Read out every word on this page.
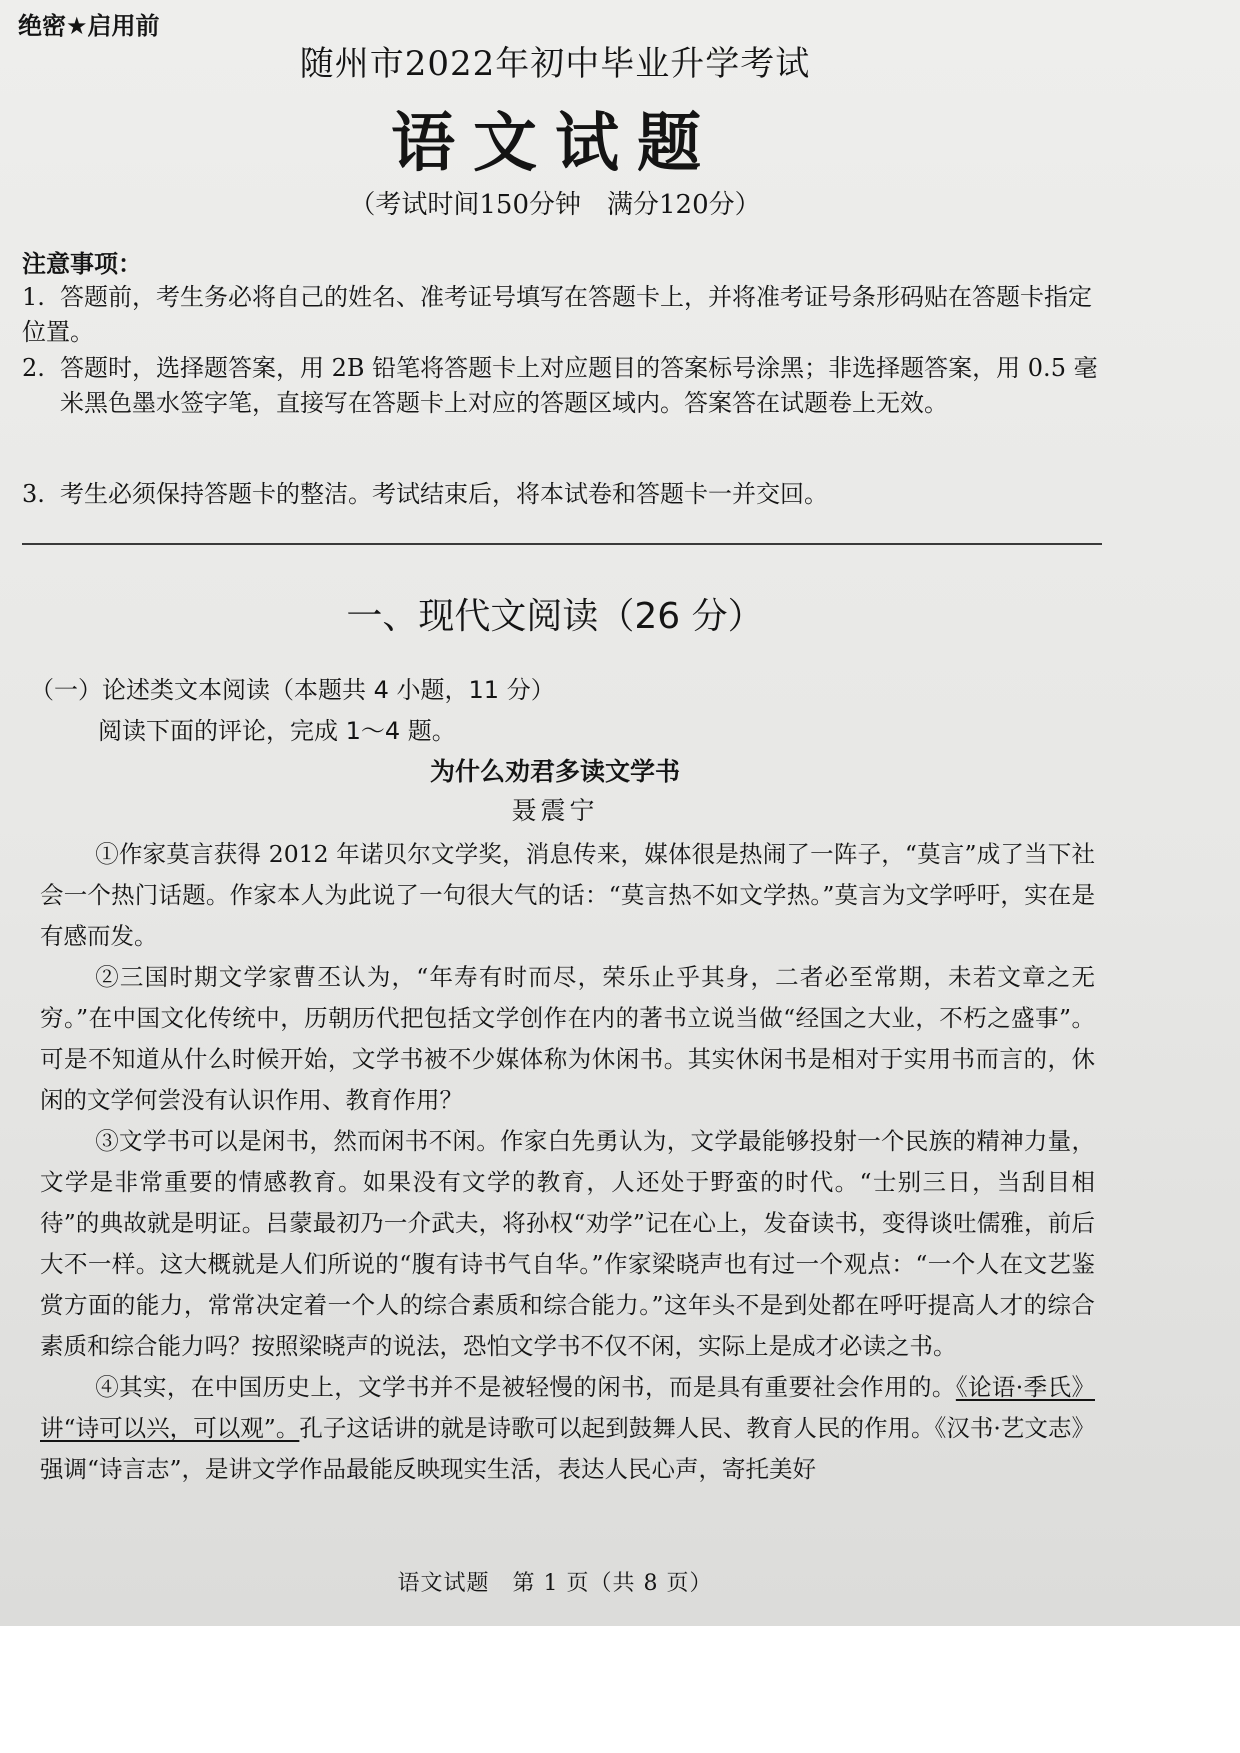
绝密★启用前
随州市2022年初中毕业升学考试
语文试题
（考试时间150分钟　满分120分）
注意事项：
1. 答题前，考生务必将自己的姓名、准考证号填写在答题卡上，并将准考证号条形码贴在答题卡指定位置。
2. 答题时，选择题答案，用 2B 铅笔将答题卡上对应题目的答案标号涂黑；非选择题答案，用 0.5 毫米黑色墨水签字笔，直接写在答题卡上对应的答题区域内。答案答在试题卷上无效。
3. 考生必须保持答题卡的整洁。考试结束后，将本试卷和答题卡一并交回。
一、现代文阅读（26 分）
（一）论述类文本阅读（本题共 4 小题，11 分）
阅读下面的评论，完成 1～4 题。
为什么劝君多读文学书
聂震宁

①作家莫言获得 2012 年诺贝尔文学奖，消息传来，媒体很是热闹了一阵子，“莫言”成了当下社会一个热门话题。作家本人为此说了一句很大气的话：“莫言热不如文学热。”莫言为文学呼吁，实在是有感而发。

②三国时期文学家曹丕认为，“年寿有时而尽，荣乐止乎其身，二者必至常期，未若文章之无穷。”在中国文化传统中，历朝历代把包括文学创作在内的著书立说当做“经国之大业，不朽之盛事”。可是不知道从什么时候开始，文学书被不少媒体称为休闲书。其实休闲书是相对于实用书而言的，休闲的文学何尝没有认识作用、教育作用？

③文学书可以是闲书，然而闲书不闲。作家白先勇认为，文学最能够投射一个民族的精神力量，文学是非常重要的情感教育。如果没有文学的教育，人还处于野蛮的时代。“士别三日，当刮目相待”的典故就是明证。吕蒙最初乃一介武夫，将孙权“劝学”记在心上，发奋读书，变得谈吐儒雅，前后大不一样。这大概就是人们所说的“腹有诗书气自华。”作家梁晓声也有过一个观点：“一个人在文艺鉴赏方面的能力，常常决定着一个人的综合素质和综合能力。”这年头不是到处都在呼吁提高人才的综合素质和综合能力吗？按照梁晓声的说法，恐怕文学书不仅不闲，实际上是成才必读之书。

④其实，在中国历史上，文学书并不是被轻慢的闲书，而是具有重要社会作用的。《论语·季氏》讲“诗可以兴，可以观”。孔子这话讲的就是诗歌可以起到鼓舞人民、教育人民的作用。《汉书·艺文志》强调“诗言志”，是讲文学作品最能反映现实生活，表达人民心声，寄托美好

语文试题　第 1 页（共 8 页）
